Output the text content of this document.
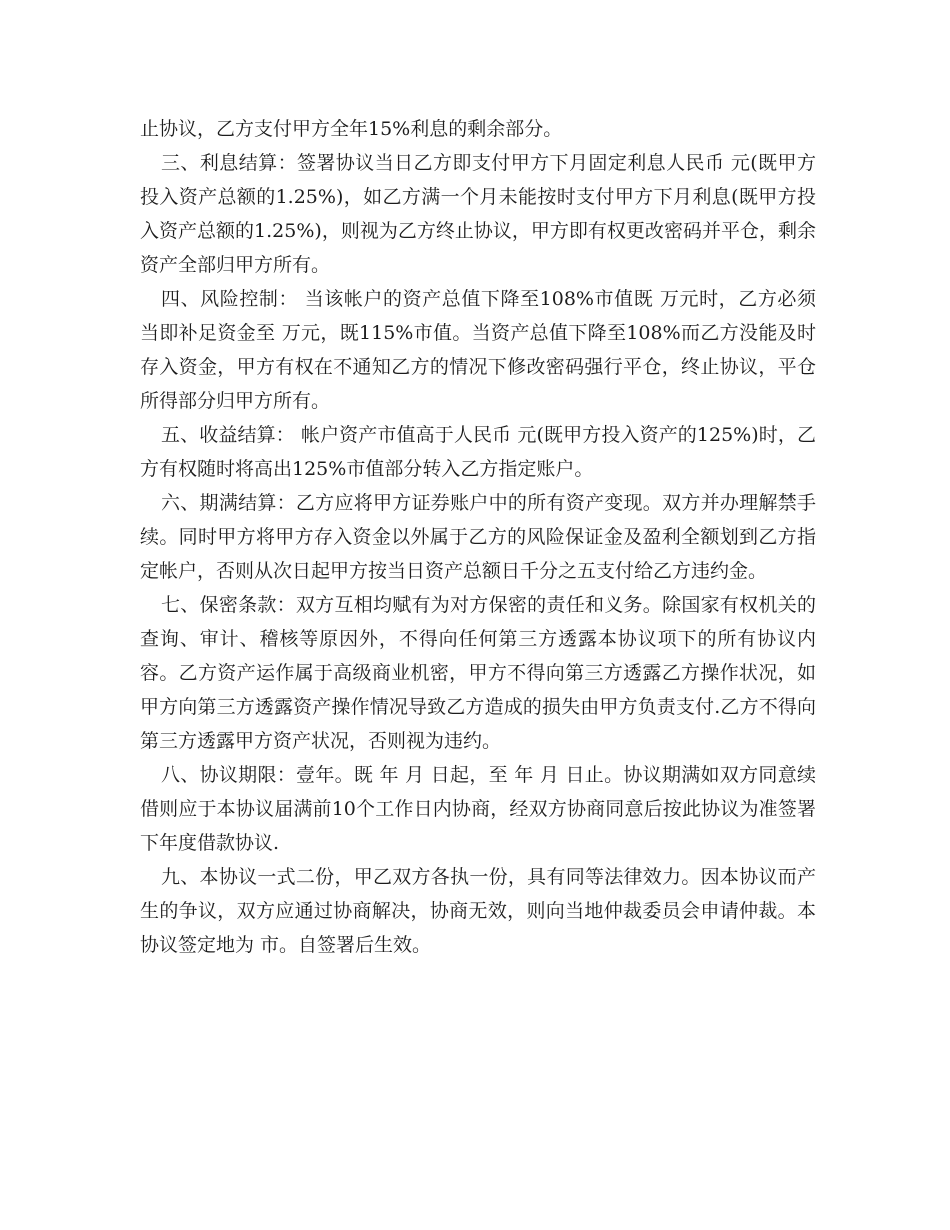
止协议，乙方支付甲方全年15%利息的剩余部分。

三、利息结算：签署协议当日乙方即支付甲方下月固定利息人民币 元(既甲方投入资产总额的1.25%)，如乙方满一个月未能按时支付甲方下月利息(既甲方投入资产总额的1.25%)，则视为乙方终止协议，甲方即有权更改密码并平仓，剩余资产全部归甲方所有。

四、风险控制： 当该帐户的资产总值下降至108%市值既 万元时，乙方必须当即补足资金至 万元，既115%市值。当资产总值下降至108%而乙方没能及时存入资金，甲方有权在不通知乙方的情况下修改密码强行平仓，终止协议，平仓所得部分归甲方所有。

五、收益结算： 帐户资产市值高于人民币 元(既甲方投入资产的125%)时，乙方有权随时将高出125%市值部分转入乙方指定账户。

六、期满结算：乙方应将甲方证券账户中的所有资产变现。双方并办理解禁手续。同时甲方将甲方存入资金以外属于乙方的风险保证金及盈利全额划到乙方指定帐户，否则从次日起甲方按当日资产总额日千分之五支付给乙方违约金。

七、保密条款：双方互相均赋有为对方保密的责任和义务。除国家有权机关的查询、审计、稽核等原因外，不得向任何第三方透露本协议项下的所有协议内容。乙方资产运作属于高级商业机密，甲方不得向第三方透露乙方操作状况，如甲方向第三方透露资产操作情况导致乙方造成的损失由甲方负责支付.乙方不得向第三方透露甲方资产状况，否则视为违约。

八、协议期限：壹年。既 年 月 日起，至 年 月 日止。协议期满如双方同意续借则应于本协议届满前10个工作日内协商，经双方协商同意后按此协议为准签署下年度借款协议.

九、本协议一式二份，甲乙双方各执一份，具有同等法律效力。因本协议而产生的争议，双方应通过协商解决，协商无效，则向当地仲裁委员会申请仲裁。本协议签定地为 市。自签署后生效。
